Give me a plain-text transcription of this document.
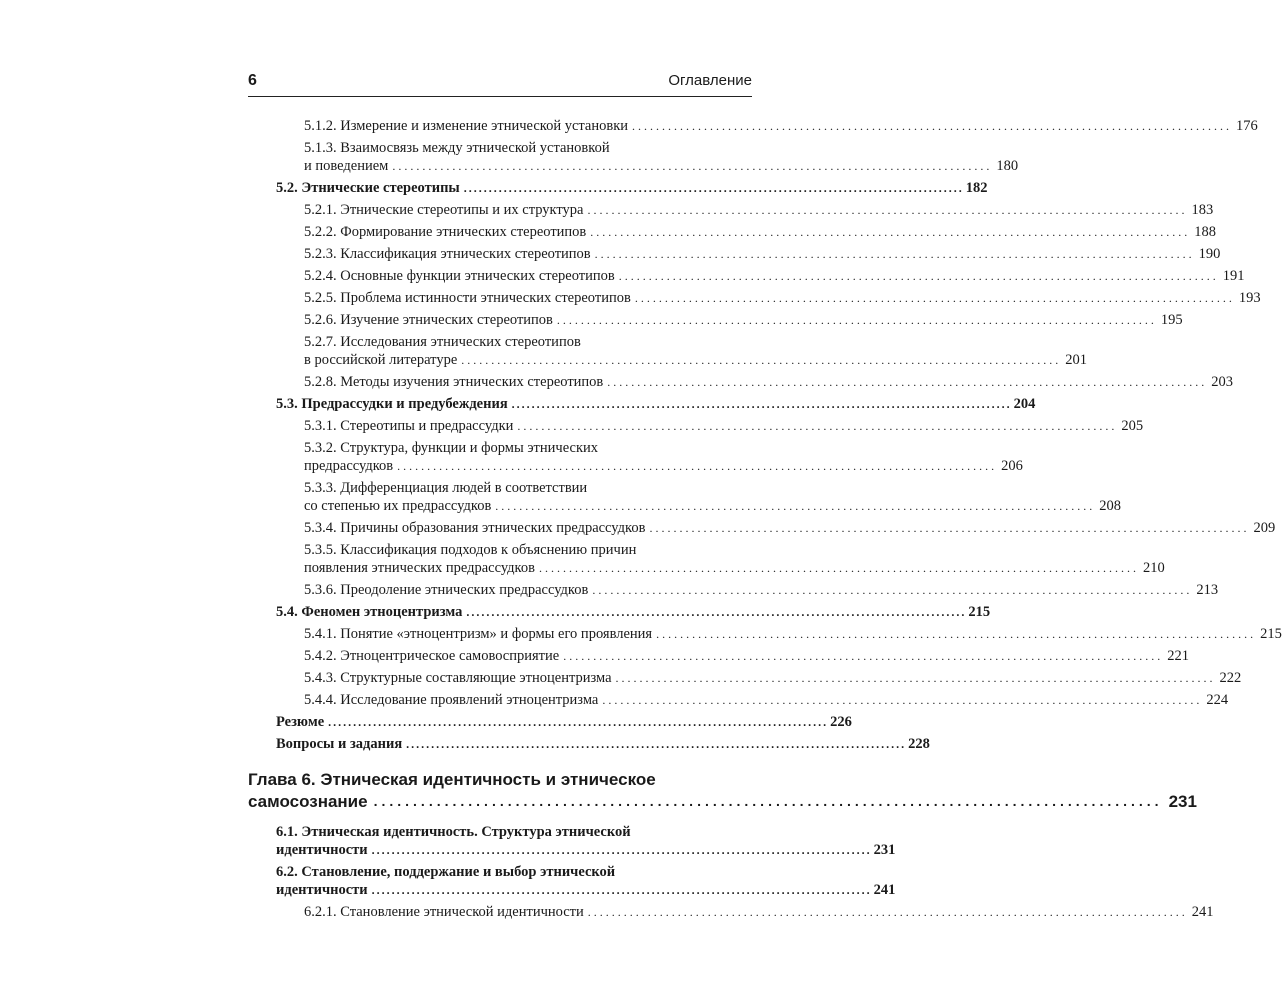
6	Оглавление
5.1.2. Измерение и изменение этнической установки .................................................................................................... 176
5.1.3. Взаимосвязь между этнической установкой
и поведением .................................................................................................... 180
5.2. Этнические стереотипы .................................................................................................... 182
5.2.1. Этнические стереотипы и их структура .................................................................................................... 183
5.2.2. Формирование этнических стереотипов .................................................................................................... 188
5.2.3. Классификация этнических стереотипов .................................................................................................... 190
5.2.4. Основные функции этнических стереотипов .................................................................................................... 191
5.2.5. Проблема истинности этнических стереотипов .................................................................................................... 193
5.2.6. Изучение этнических стереотипов .................................................................................................... 195
5.2.7. Исследования этнических стереотипов
в российской литературе .................................................................................................... 201
5.2.8. Методы изучения этнических стереотипов .................................................................................................... 203
5.3. Предрассудки и предубеждения .................................................................................................... 204
5.3.1. Стереотипы и предрассудки .................................................................................................... 205
5.3.2. Структура, функции и формы этнических
предрассудков .................................................................................................... 206
5.3.3. Дифференциация людей в соответствии
со степенью их предрассудков .................................................................................................... 208
5.3.4. Причины образования этнических предрассудков .................................................................................................... 209
5.3.5. Классификация подходов к объяснению причин
появления этнических предрассудков .................................................................................................... 210
5.3.6. Преодоление этнических предрассудков .................................................................................................... 213
5.4. Феномен этноцентризма .................................................................................................... 215
5.4.1. Понятие «этноцентризм» и формы его проявления .................................................................................................... 215
5.4.2. Этноцентрическое самовосприятие .................................................................................................... 221
5.4.3. Структурные составляющие этноцентризма .................................................................................................... 222
5.4.4. Исследование проявлений этноцентризма .................................................................................................... 224
Резюме .................................................................................................... 226
Вопросы и задания .................................................................................................... 228
Глава 6. Этническая идентичность и этническое
самосознание .................................................................................................... 231
6.1. Этническая идентичность. Структура этнической
идентичности .................................................................................................... 231
6.2. Становление, поддержание и выбор этнической
идентичности .................................................................................................... 241
6.2.1. Становление этнической идентичности .................................................................................................... 241
